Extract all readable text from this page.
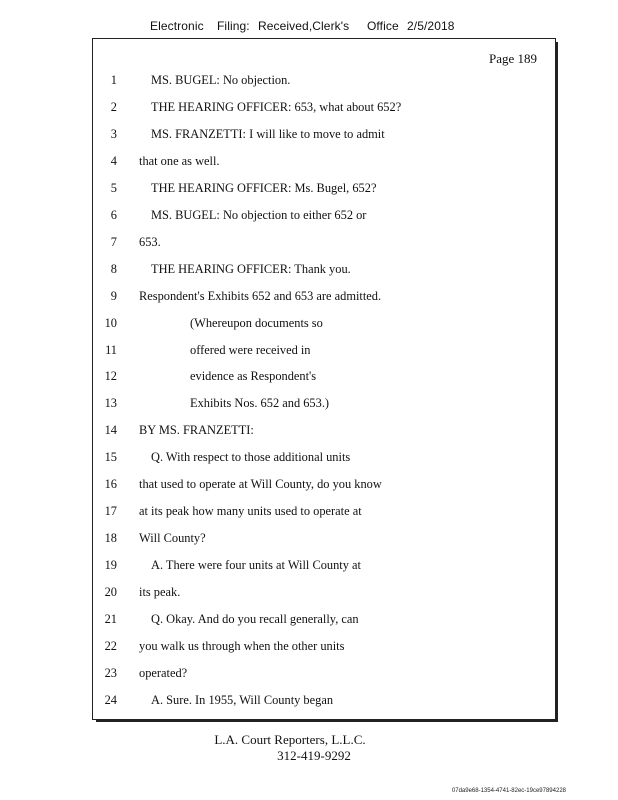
Electronic Filing: Received,Clerk's Office 2/5/2018
Page 189
1	MS. BUGEL: No objection.
2	THE HEARING OFFICER: 653, what about 652?
3	MS. FRANZETTI: I will like to move to admit
4 that one as well.
5	THE HEARING OFFICER: Ms. Bugel, 652?
6	MS. BUGEL: No objection to either 652 or
7 653.
8	THE HEARING OFFICER: Thank you.
9 Respondent's Exhibits 652 and 653 are admitted.
10	(Whereupon documents so
11	offered were received in
12	evidence as Respondent's
13	Exhibits Nos. 652 and 653.)
14 BY MS. FRANZETTI:
15	Q. With respect to those additional units
16 that used to operate at Will County, do you know
17 at its peak how many units used to operate at
18 Will County?
19	A. There were four units at Will County at
20 its peak.
21	Q. Okay. And do you recall generally, can
22 you walk us through when the other units
23 operated?
24	A. Sure. In 1955, Will County began
L.A. Court Reporters, L.L.C.
312-419-9292
07da9e68-1354-4741-82ec-19ce97894228
